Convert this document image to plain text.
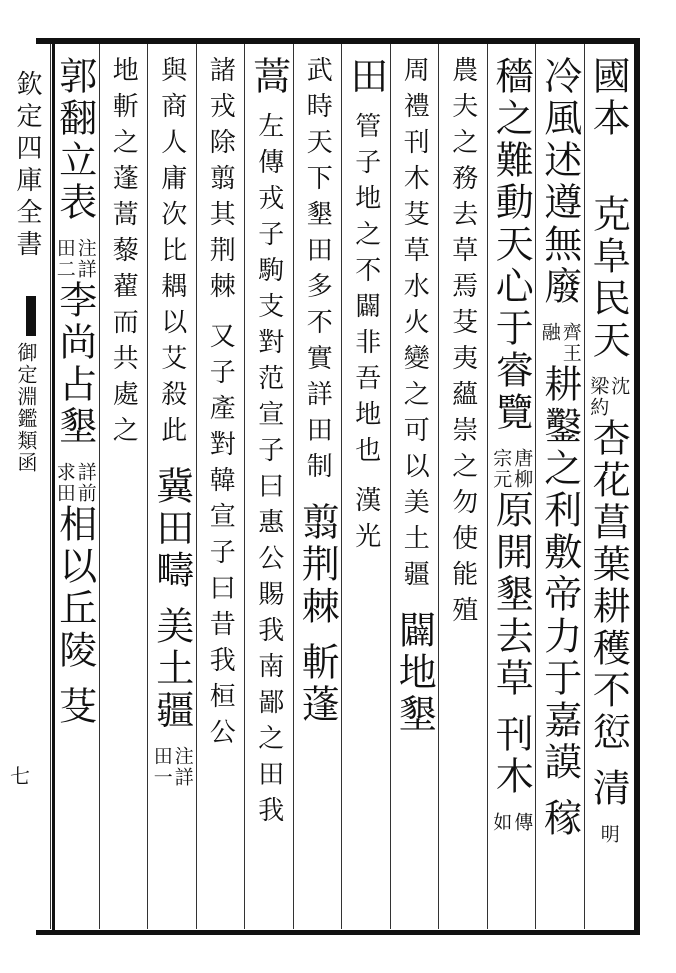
欽定四庫全書
御定淵鑑類函
七
國本
克阜民天
沈
梁約
杏花菖葉耕穫不愆
清
明
冷風述遵無廢
齊王
融
耕鑿之利敷帝力于嘉謨
稼
穡之難動天心于睿覽
唐柳
宗元
原開墾去草
刊木
傳
如
農夫之務去草焉芟夷蘊崇之勿使能殖
周禮刊木芟草水火變之可以美土疆
闢地墾
田
管子地之不闢非吾地也
漢光
武時天下墾田多不實詳田制
翦荆棘
斬蓬
蒿
左傳戎子駒支對范宣子曰惠公賜我南鄙之田我
諸戎除翦其荆棘
又子產對韓宣子曰昔我桓公
與商人庸次比耦以艾殺此
冀田疇
美土疆
注詳
田一
地斬之蓬蒿藜藋而共處之
郭翻立表
注詳
田二
李尚占墾
詳前
求田
相以丘陵
芟
